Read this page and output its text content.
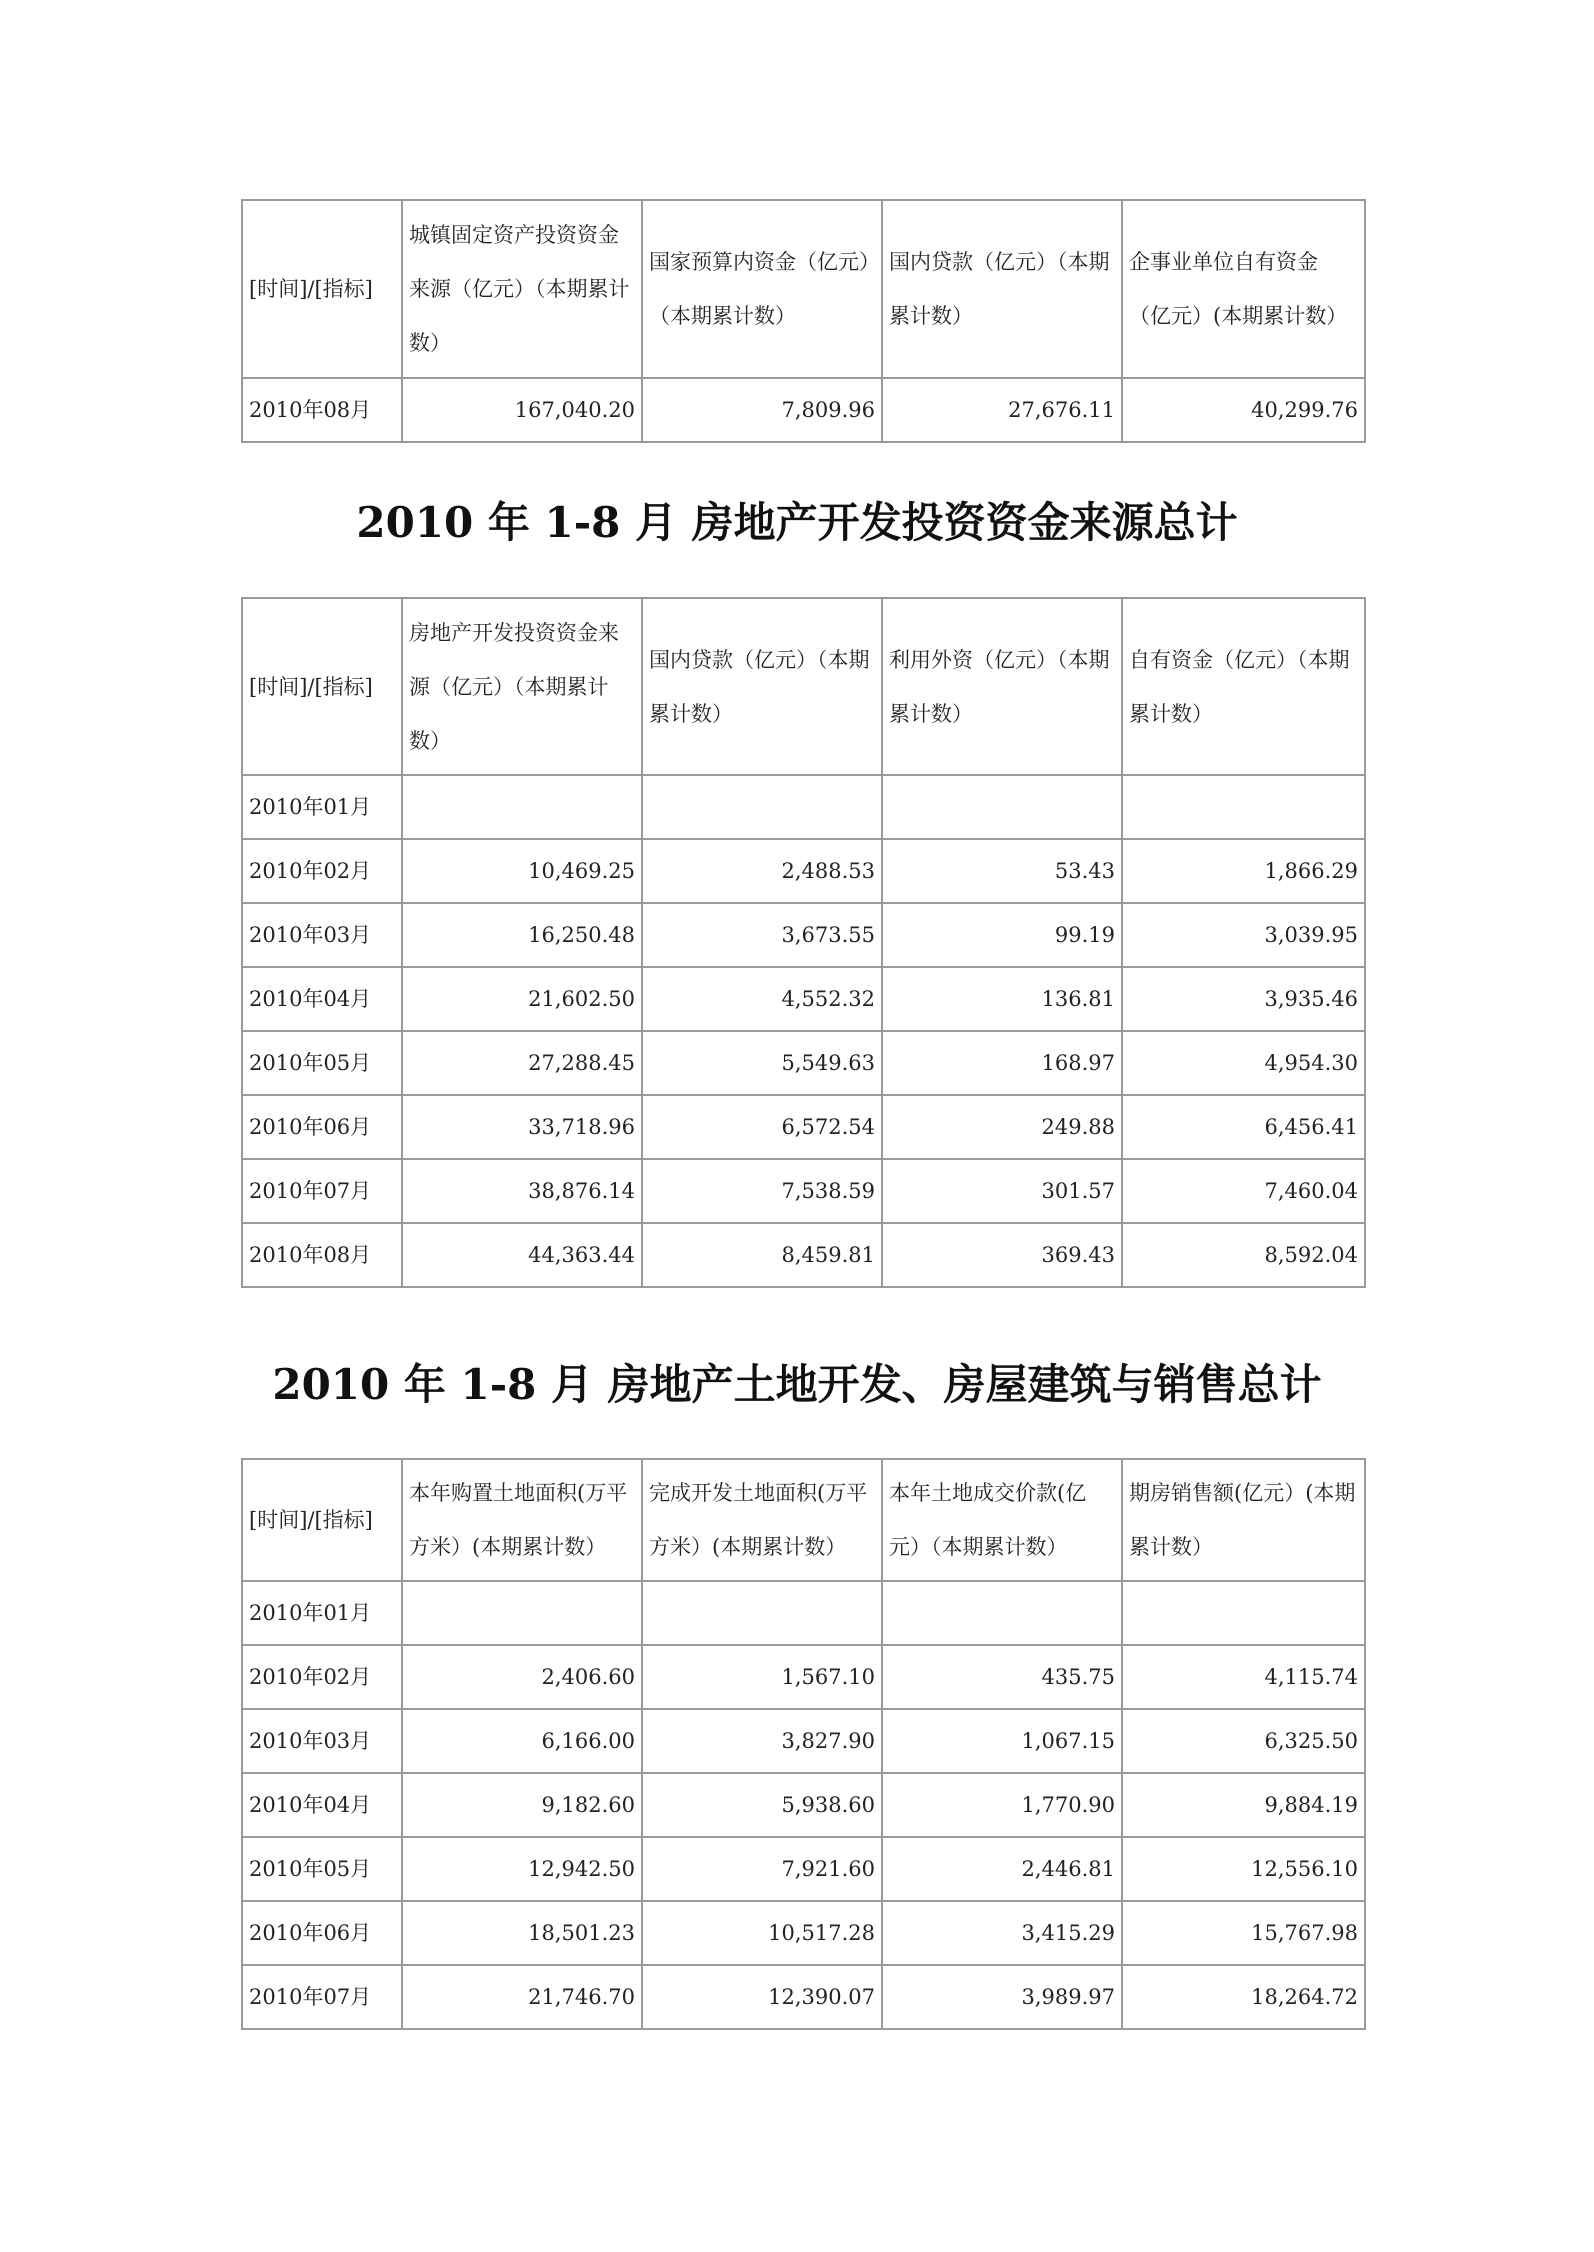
[时间]/[指标]	城镇固定资产投资资金来源（亿元）（本期累计数）	国家预算内资金（亿元）（本期累计数）	国内贷款（亿元）（本期累计数）	企事业单位自有资金（亿元）(本期累计数）
2010年08月	167,040.20	7,809.96	27,676.11	40,299.76
2010 年 1-8 月 房地产开发投资资金来源总计
[时间]/[指标]	房地产开发投资资金来源（亿元）（本期累计数）	国内贷款（亿元）（本期累计数）	利用外资（亿元）（本期累计数）	自有资金（亿元）（本期累计数）
2010年01月				
2010年02月	10,469.25	2,488.53	53.43	1,866.29
2010年03月	16,250.48	3,673.55	99.19	3,039.95
2010年04月	21,602.50	4,552.32	136.81	3,935.46
2010年05月	27,288.45	5,549.63	168.97	4,954.30
2010年06月	33,718.96	6,572.54	249.88	6,456.41
2010年07月	38,876.14	7,538.59	301.57	7,460.04
2010年08月	44,363.44	8,459.81	369.43	8,592.04
2010 年 1-8 月 房地产土地开发、房屋建筑与销售总计
[时间]/[指标]	本年购置土地面积(万平方米）(本期累计数）	完成开发土地面积(万平方米）(本期累计数）	本年土地成交价款(亿元）（本期累计数）	期房销售额(亿元）(本期累计数）
2010年01月				
2010年02月	2,406.60	1,567.10	435.75	4,115.74
2010年03月	6,166.00	3,827.90	1,067.15	6,325.50
2010年04月	9,182.60	5,938.60	1,770.90	9,884.19
2010年05月	12,942.50	7,921.60	2,446.81	12,556.10
2010年06月	18,501.23	10,517.28	3,415.29	15,767.98
2010年07月	21,746.70	12,390.07	3,989.97	18,264.72
